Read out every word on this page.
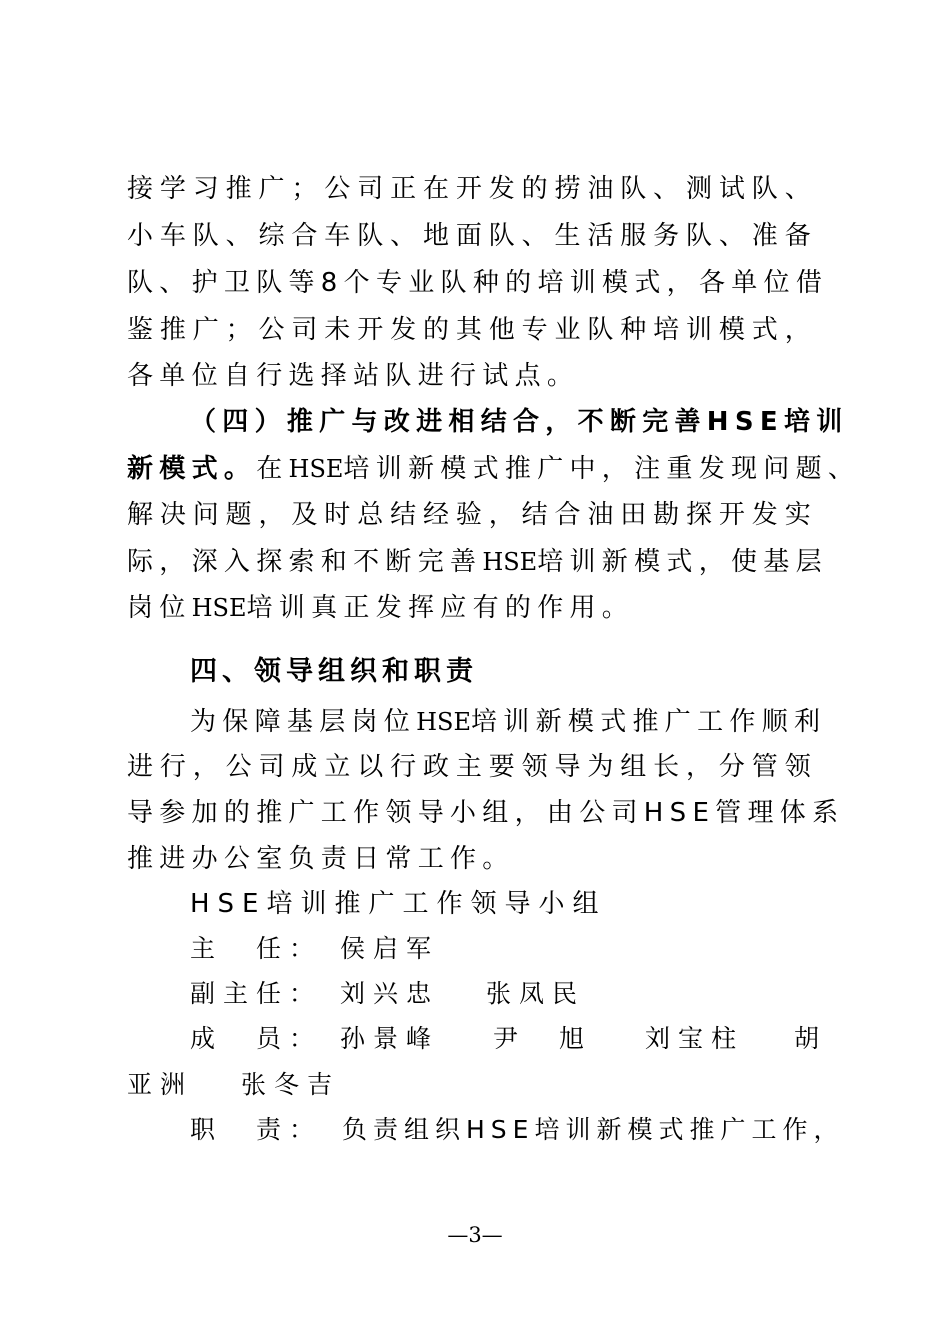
接学习推广；公司正在开发的捞油队、测试队、
小车队、综合车队、地面队、生活服务队、准备
队、护卫队等8个专业队种的培训模式，各单位借
鉴推广；公司未开发的其他专业队种培训模式，
各单位自行选择站队进行试点。
（四）推广与改进相结合，不断完善HSE培训
新模式。在HSE培训新模式推广中，注重发现问题、
解决问题，及时总结经验，结合油田勘探开发实
际，深入探索和不断完善HSE培训新模式，使基层
岗位HSE培训真正发挥应有的作用。
四、领导组织和职责
为保障基层岗位HSE培训新模式推广工作顺利
进行，公司成立以行政主要领导为组长，分管领
导参加的推广工作领导小组，由公司HSE管理体系
推进办公室负责日常工作。
HSE培训推广工作领导小组
主　任： 侯启军
副主任： 刘兴忠 张凤民
成　员： 孙景峰 尹　旭 刘宝柱 胡
亚洲 张冬吉
职　责： 负责组织HSE培训新模式推广工作，
—3—
